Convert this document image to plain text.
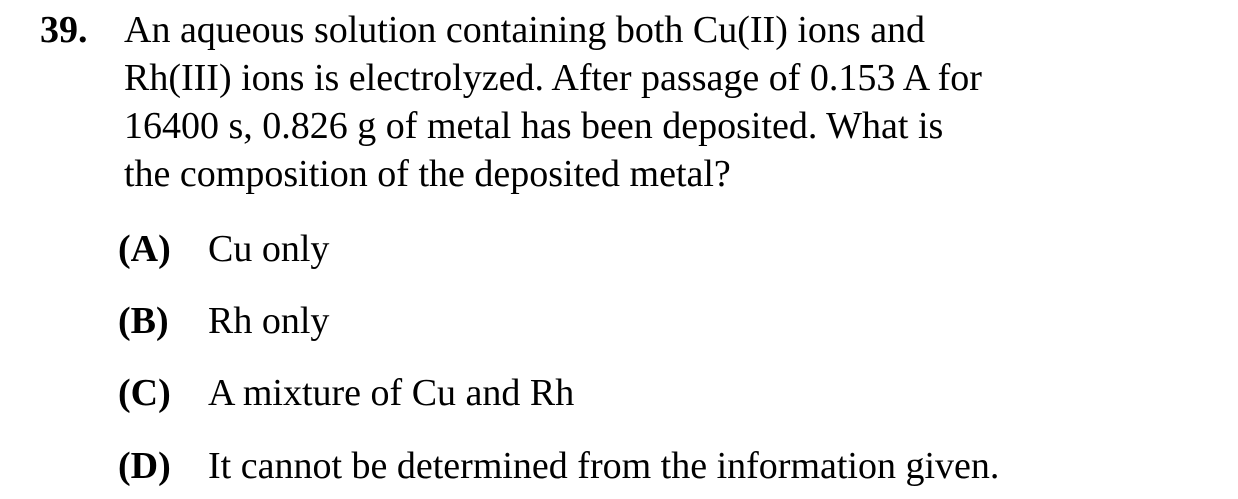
39. An aqueous solution containing both Cu(II) ions and
Rh(III) ions is electrolyzed. After passage of 0.153 A for
16400 s, 0.826 g of metal has been deposited. What is
the composition of the deposited metal?
(A) Cu only
(B) Rh only
(C) A mixture of Cu and Rh
(D) It cannot be determined from the information given.
